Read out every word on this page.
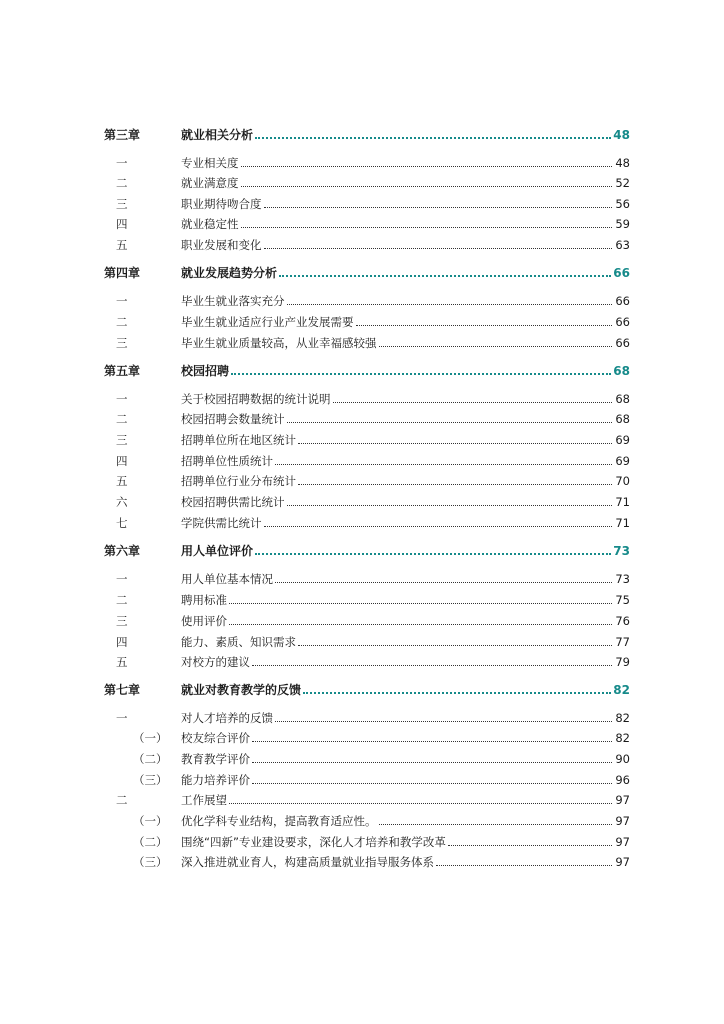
第三章	就业相关分析	48
一	专业相关度	48
二	就业满意度	52
三	职业期待吻合度	56
四	就业稳定性	59
五	职业发展和变化	63
第四章	就业发展趋势分析	66
一	毕业生就业落实充分	66
二	毕业生就业适应行业产业发展需要	66
三	毕业生就业质量较高，从业幸福感较强	66
第五章	校园招聘	68
一	关于校园招聘数据的统计说明	68
二	校园招聘会数量统计	68
三	招聘单位所在地区统计	69
四	招聘单位性质统计	69
五	招聘单位行业分布统计	70
六	校园招聘供需比统计	71
七	学院供需比统计	71
第六章	用人单位评价	73
一	用人单位基本情况	73
二	聘用标准	75
三	使用评价	76
四	能力、素质、知识需求	77
五	对校方的建议	79
第七章	就业对教育教学的反馈	82
一	对人才培养的反馈	82
（一） 校友综合评价	82
（二） 教育教学评价	90
（三） 能力培养评价	96
二	工作展望	97
（一） 优化学科专业结构，提高教育适应性。	97
（二） 围绕“四新”专业建设要求，深化人才培养和教学改革	97
（三） 深入推进就业育人，构建高质量就业指导服务体系	97
